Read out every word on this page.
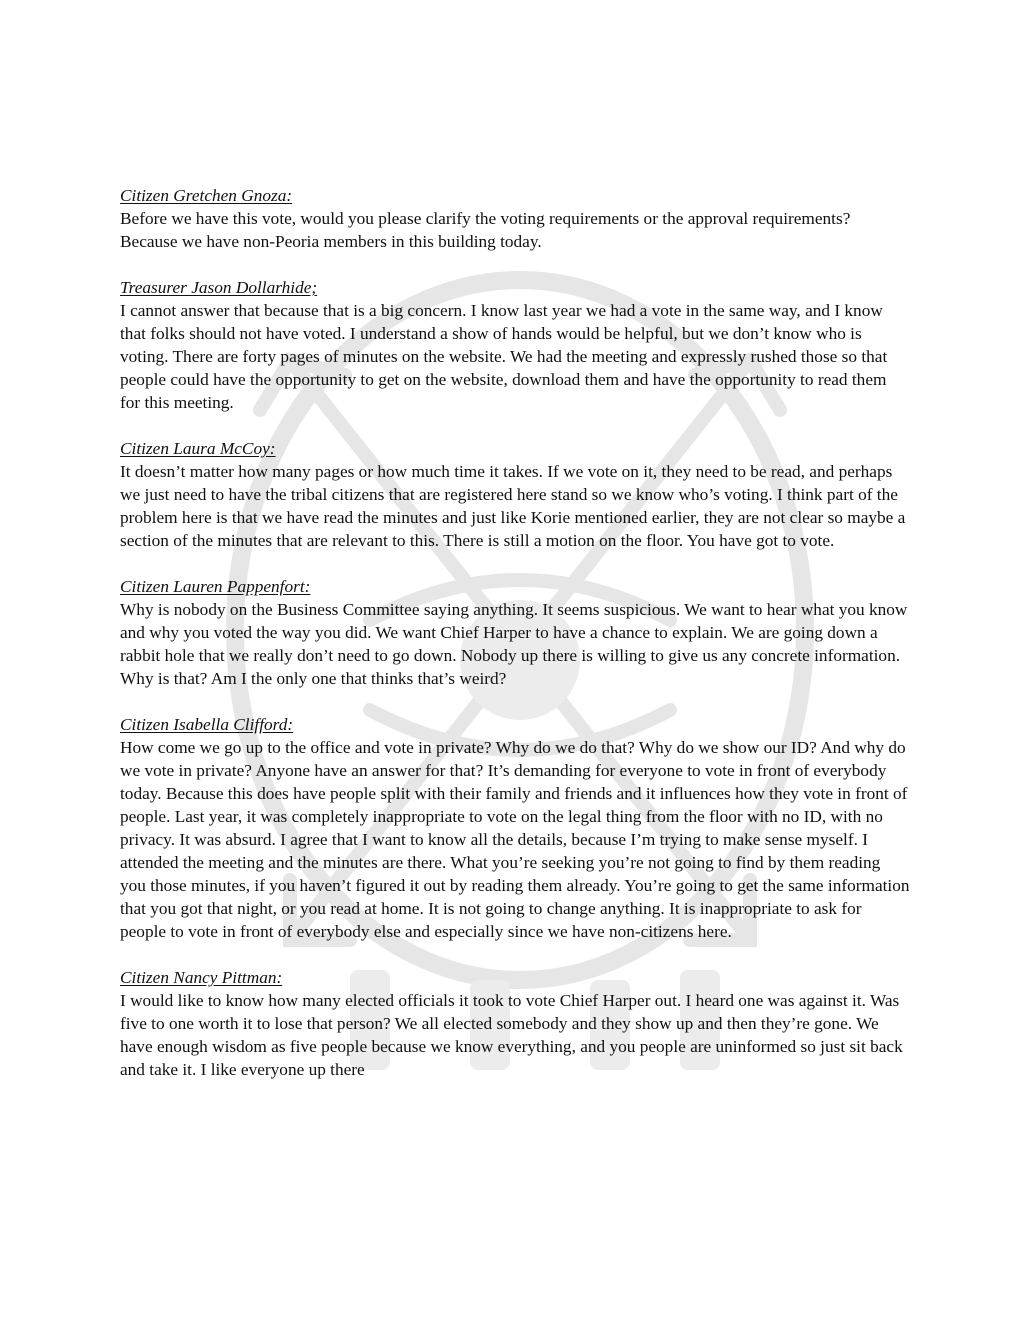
Citizen Gretchen Gnoza:
Before we have this vote, would you please clarify the voting requirements or the approval requirements? Because we have non-Peoria members in this building today.
Treasurer Jason Dollarhide;
I cannot answer that because that is a big concern. I know last year we had a vote in the same way, and I know that folks should not have voted. I understand a show of hands would be helpful, but we don’t know who is voting. There are forty pages of minutes on the website. We had the meeting and expressly rushed those so that people could have the opportunity to get on the website, download them and have the opportunity to read them for this meeting.
Citizen Laura McCoy:
It doesn’t matter how many pages or how much time it takes. If we vote on it, they need to be read, and perhaps we just need to have the tribal citizens that are registered here stand so we know who’s voting. I think part of the problem here is that we have read the minutes and just like Korie mentioned earlier, they are not clear so maybe a section of the minutes that are relevant to this. There is still a motion on the floor. You have got to vote.
Citizen Lauren Pappenfort:
Why is nobody on the Business Committee saying anything. It seems suspicious. We want to hear what you know and why you voted the way you did. We want Chief Harper to have a chance to explain. We are going down a rabbit hole that we really don’t need to go down. Nobody up there is willing to give us any concrete information. Why is that? Am I the only one that thinks that’s weird?
Citizen Isabella Clifford:
How come we go up to the office and vote in private? Why do we do that? Why do we show our ID? And why do we vote in private? Anyone have an answer for that? It’s demanding for everyone to vote in front of everybody today. Because this does have people split with their family and friends and it influences how they vote in front of people. Last year, it was completely inappropriate to vote on the legal thing from the floor with no ID, with no privacy. It was absurd. I agree that I want to know all the details, because I’m trying to make sense myself. I attended the meeting and the minutes are there. What you’re seeking you’re not going to find by them reading you those minutes, if you haven’t figured it out by reading them already. You’re going to get the same information that you got that night, or you read at home. It is not going to change anything. It is inappropriate to ask for people to vote in front of everybody else and especially since we have non-citizens here.
Citizen Nancy Pittman:
I would like to know how many elected officials it took to vote Chief Harper out. I heard one was against it. Was five to one worth it to lose that person? We all elected somebody and they show up and then they’re gone. We have enough wisdom as five people because we know everything, and you people are uninformed so just sit back and take it. I like everyone up there
